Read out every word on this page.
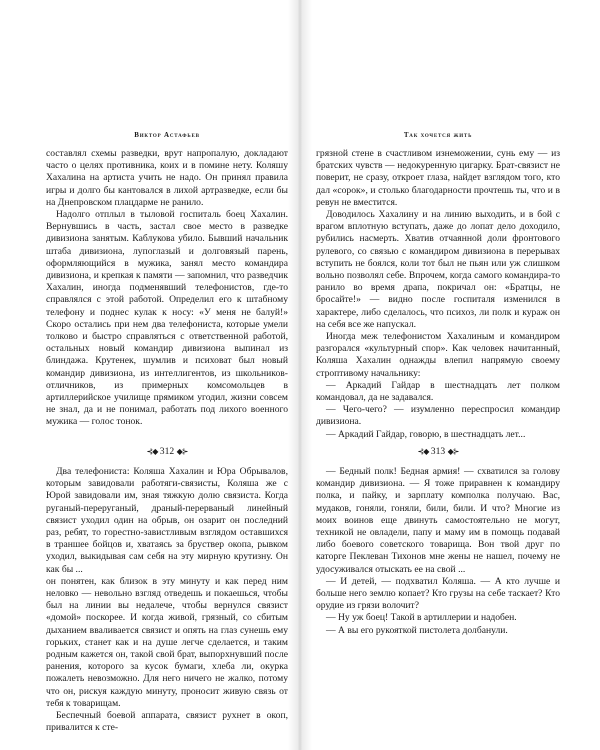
Виктор Астафьев

составлял схемы разведки, врут напропалую, докладают часто о целях противника, коих и в помине нету. Коляшу Хахалина на артиста учить не надо. Он принял правила игры и долго бы кантовался в лихой артразведке, если бы на Днепровском плацдарме не ранило.

Надолго отплыл в тыловой госпиталь боец Хахалин. Вернувшись в часть, застал свое место в разведке дивизиона занятым. Каблукова убило. Бывший начальник штаба дивизиона, лупоглазый и долговязый парень, оформляющийся в мужика, занял место командира дивизиона, и крепкая к памяти — запомнил, что разведчик Хахалин, иногда подменявший телефонистов, где-то справлялся с этой работой. Определил его к штабному телефону и поднес кулак к носу: «У меня не балуй!» Скоро остались при нем два телефониста, которые умели толково и быстро справляться с ответственной работой, остальных новый командир дивизиона выпинал из блиндажа. Крутенек, шумлив и психоват был новый командир дивизиона, из интеллигентов, из школьников-отличников, из примерных комсомольцев в артиллерийское училище прямиком угодил, жизни совсем не знал, да и не понимал, работать под лихого военного мужика — голос тонок.

⊰◆ 312 ◆⊱

Два телефониста: Коляша Хахалин и Юра Обрывалов, которым завидовали работяги-связисты, Коляша же с Юрой завидовали им, зная тяжкую долю связиста. Когда руганый-переруганый, драный-перерваный линейный связист уходил один на обрыв, он озарит он последний раз, ребят, то горестно-завистливым взглядом оставшихся в траншее бойцов и, хватаясь за бруствер окопа, рывком уходил, выкидывая сам себя на эту мирную крутизну. Он как бы ...

он понятен, как близок в эту минуту и как перед ним неловко — невольно взгляд отведешь и покаешься, чтобы был на линии вы недалече, чтобы вернулся связист «домой» поскорее. И когда живой, грязный, со сбитым дыханием вваливается связист и опять на глаз сунешь ему горьких, станет как и на душе легче сделается, и таким родным кажется он, такой свой брат, выпорхнувший после ранения, которого за кусок бумаги, хлеба ли, окурка пожалеть невозможно. Для него ничего не жалко, потому что он, рискуя каждую минуту, проносит живую связь от тебя к товарищам.

Беспечный боевой аппарата, связист рухнет в окоп, привалится к сте-

Так хочется жить

грязной стене в счастливом изнеможении, сунь ему — из братских чувств — недокуренную цигарку. Брат-связист не поверит, не сразу, откроет глаза, найдет взглядом того, кто дал «сорок», и столько благодарности прочтешь ты, что и в ревун не вместится.

Доводилось Хахалину и на линию выходить, и в бой с врагом вплотную вступать, даже до лопат дело доходило, рубились насмерть. Хватив отчаянной доли фронтового рулевого, со связью с командиром дивизиона в перерывах вступить не боялся, коли тот был не пьян или уж слишком вольно позволял себе. Впрочем, когда самого командира-то ранило во время драпа, покричал он: «Братцы, не бросайте!» — видно после госпиталя изменился в характере, либо сделалось, что психоз, ли полк и кураж он на себя все же напускал.

Иногда меж телефонистом Хахалиным и командиром разгорался «культурный спор». Как человек начитанный, Коляша Хахалин однажды влепил напрямую своему строптивому начальнику:

— Аркадий Гайдар в шестнадцать лет полком командовал, да не задавался.

— Чего-чего? — изумленно переспросил командир дивизиона.

— Аркадий Гайдар, говорю, в шестнадцать лет...

⊰◆ 313 ◆⊱

— Бедный полк! Бедная армия! — схватился за голову командир дивизиона. — Я тоже приравнен к командиру полка, и пайку, и зарплату комполка получаю. Вас, мудаков, гоняли, гоняли, били, били. И что? Многие из моих воинов еще двинуть самостоятельно не могут, техникой не овладели, папу и маму им в помощь подавай либо боевого советского товарища. Вон твой друг по каторге Пеклеван Тихонов мне жены не нашел, почему не удосуживался отыскать ее на свой ...

— И детей, — подхватил Коляша. — А кто лучше и больше него землю копает? Кто грузы на себе таскает? Кто орудие из грязи волочит?

— Ну уж боец! Такой в артиллерии и надобен.

— А вы его рукояткой пистолета долбанули.
